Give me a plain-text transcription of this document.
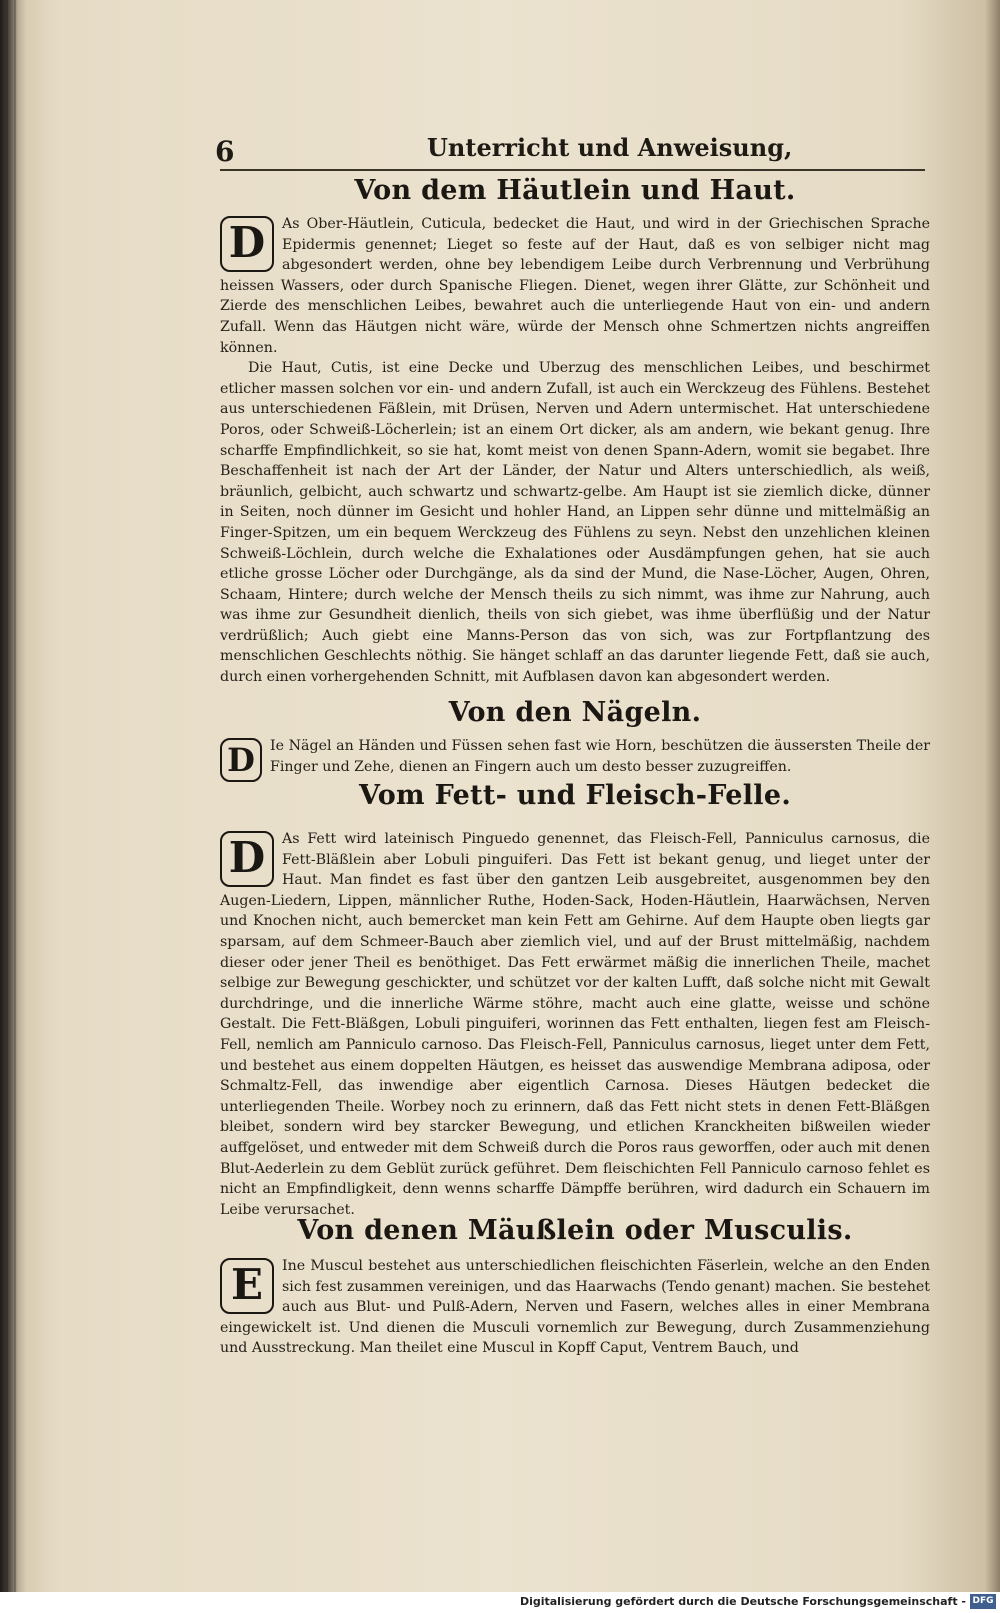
6	Unterricht und Anweisung,
Von dem Häutlein und Haut.
D	As Ober-Häutlein, Cuticula, bedecket die Haut, und wird in der Griechischen Sprache Epidermis genennet; Lieget so feste auf der Haut, daß es von selbiger nicht mag abgesondert werden, ohne bey lebendigem Leibe durch Verbrennung und Verbrühung heissen Wassers, oder durch Spanische Fliegen. Dienet, wegen ihrer Glätte, zur Schönheit und Zierde des menschlichen Leibes, bewahret auch die unterliegende Haut von ein- und andern Zufall. Wenn das Häutgen nicht wäre, würde der Mensch ohne Schmertzen nichts angreiffen können.

Die Haut, Cutis, ist eine Decke und Uberzug des menschlichen Leibes, und beschirmet etlicher massen solchen vor ein- und andern Zufall, ist auch ein Werckzeug des Fühlens. Bestehet aus unterschiedenen Fäßlein, mit Drüsen, Nerven und Adern untermischet. Hat unterschiedene Poros, oder Schweiß-Löcherlein; ist an einem Ort dicker, als am andern, wie bekant genug. Ihre scharffe Empfindlichkeit, so sie hat, komt meist von denen Spann-Adern, womit sie begabet. Ihre Beschaffenheit ist nach der Art der Länder, der Natur und Alters unterschiedlich, als weiß, bräunlich, gelbicht, auch schwartz und schwartz-gelbe. Am Haupt ist sie ziemlich dicke, dünner in Seiten, noch dünner im Gesicht und hohler Hand, an Lippen sehr dünne und mittelmäßig an Finger-Spitzen, um ein bequem Werckzeug des Fühlens zu seyn. Nebst den unzehlichen kleinen Schweiß-Löchlein, durch welche die Exhalationes oder Ausdämpfungen gehen, hat sie auch etliche grosse Löcher oder Durchgänge, als da sind der Mund, die Nase-Löcher, Augen, Ohren, Schaam, Hintere; durch welche der Mensch theils zu sich nimmt, was ihme zur Nahrung, auch was ihme zur Gesundheit dienlich, theils von sich giebet, was ihme überflüßig und der Natur verdrüßlich; Auch giebt eine Manns-Person das von sich, was zur Fortpflantzung des menschlichen Geschlechts nöthig. Sie hänget schlaff an das darunter liegende Fett, daß sie auch, durch einen vorhergehenden Schnitt, mit Aufblasen davon kan abgesondert werden.

Von den Nägeln.
D	Ie Nägel an Händen und Füssen sehen fast wie Horn, beschützen die äussersten Theile der Finger und Zehe, dienen an Fingern auch um desto besser zuzugreiffen.

Vom Fett- und Fleisch-Felle.
D	As Fett wird lateinisch Pinguedo genennet, das Fleisch-Fell, Panniculus carnosus, die Fett-Bläßlein aber Lobuli pinguiferi. Das Fett ist bekant genug, und lieget unter der Haut. Man findet es fast über den gantzen Leib ausgebreitet, ausgenommen bey den Augen-Liedern, Lippen, männlicher Ruthe, Hoden-Sack, Hoden-Häutlein, Haarwächsen, Nerven und Knochen nicht, auch bemercket man kein Fett am Gehirne. Auf dem Haupte oben liegts gar sparsam, auf dem Schmeer-Bauch aber ziemlich viel, und auf der Brust mittelmäßig, nachdem dieser oder jener Theil es benöthiget. Das Fett erwärmet mäßig die innerlichen Theile, machet selbige zur Bewegung geschickter, und schützet vor der kalten Lufft, daß solche nicht mit Gewalt durchdringe, und die innerliche Wärme stöhre, macht auch eine glatte, weisse und schöne Gestalt. Die Fett-Bläßgen, Lobuli pinguiferi, worinnen das Fett enthalten, liegen fest am Fleisch-Fell, nemlich am Panniculo carnoso. Das Fleisch-Fell, Panniculus carnosus, lieget unter dem Fett, und bestehet aus einem doppelten Häutgen, es heisset das auswendige Membrana adiposa, oder Schmaltz-Fell, das inwendige aber eigentlich Carnosa. Dieses Häutgen bedecket die unterliegenden Theile. Worbey noch zu erinnern, daß das Fett nicht stets in denen Fett-Bläßgen bleibet, sondern wird bey starcker Bewegung, und etlichen Kranckheiten bißweilen wieder auffgelöset, und entweder mit dem Schweiß durch die Poros raus geworffen, oder auch mit denen Blut-Aederlein zu dem Geblüt zurück geführet. Dem fleischichten Fell Panniculo carnoso fehlet es nicht an Empfindligkeit, denn wenns scharffe Dämpffe berühren, wird dadurch ein Schauern im Leibe verursachet.

Von denen Mäußlein oder Musculis.
E	Ine Muscul bestehet aus unterschiedlichen fleischichten Fäserlein, welche an den Enden sich fest zusammen vereinigen, und das Haarwachs (Tendo genant) machen. Sie bestehet auch aus Blut- und Pulß-Adern, Nerven und Fasern, welches alles in einer Membrana eingewickelt ist. Und dienen die Musculi vornemlich zur Bewegung, durch Zusammenziehung und Ausstreckung. Man theilet eine Muscul in Kopff Caput, Ventrem Bauch, und

Digitalisierung gefördert durch die Deutsche Forschungsgemeinschaft - DFG
